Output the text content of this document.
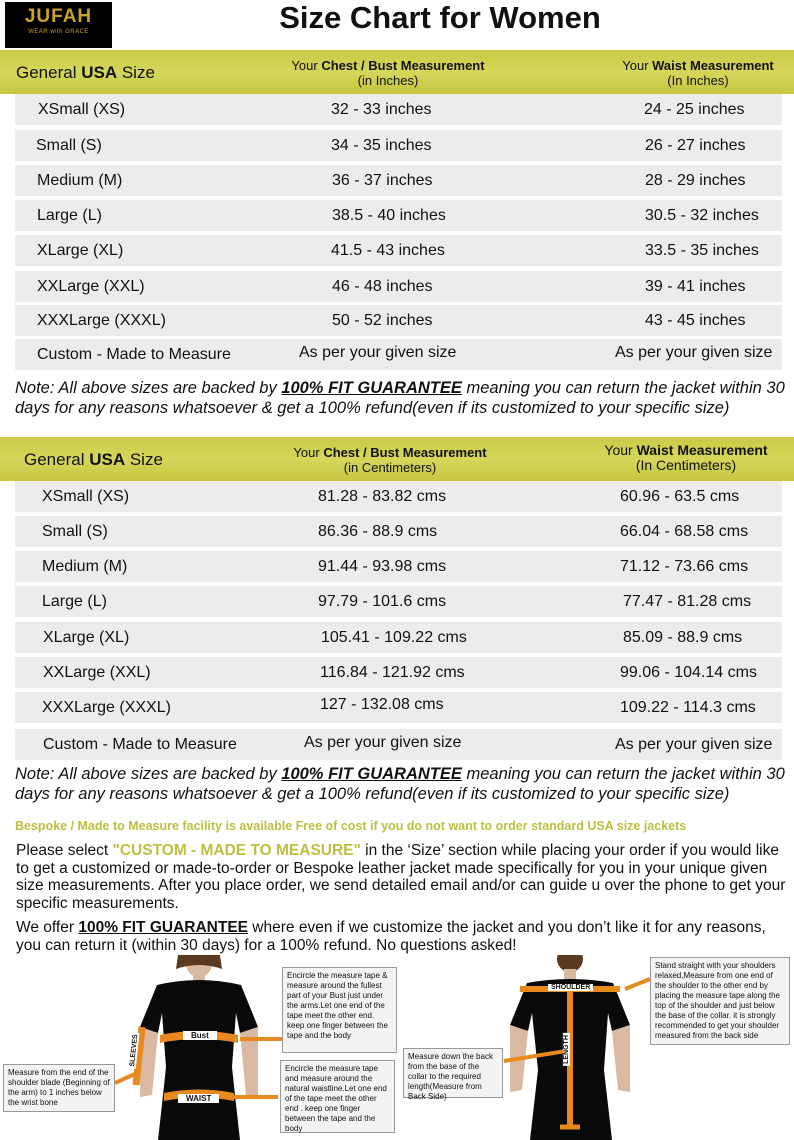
JUFAH
WEAR with GRACE	Size Chart for Women
General USA Size	Your Chest / Bust Measurement
(in Inches)
Your Waist Measurement
(In Inches)
XSmall (XS)	32 - 33 inches	24 - 25 inches
Small (S)	34 - 35 inches	26 - 27 inches
Medium (M)	36 - 37 inches	28 - 29 inches
Large (L)	38.5 - 40 inches	30.5 - 32 inches
XLarge (XL)	41.5 - 43 inches	33.5 - 35 inches
XXLarge (XXL)	46 - 48 inches	39 - 41 inches
XXXLarge (XXXL)	50 - 52 inches	43 - 45 inches
Custom - Made to Measure	As per your given size	As per your given size
Note: All above sizes are backed by 100% FIT GUARANTEE meaning you can return the jacket within 30 days for any reasons whatsoever & get a 100% refund(even if its customized to your specific size)
General USA Size	Your Chest / Bust Measurement
(in Centimeters)
Your Waist Measurement
(In Centimeters)
XSmall (XS)	81.28 - 83.82 cms	60.96 - 63.5 cms
Small (S)	86.36 - 88.9 cms	66.04 - 68.58 cms
Medium (M)	91.44 - 93.98 cms	71.12 - 73.66 cms
Large (L)	97.79 - 101.6 cms	77.47 - 81.28 cms
XLarge (XL)	105.41 - 109.22 cms	85.09 - 88.9 cms
XXLarge (XXL)	116.84 - 121.92 cms	99.06 - 104.14 cms
XXXLarge (XXXL)	127 - 132.08 cms	109.22 - 114.3 cms
Custom - Made to Measure	As per your given size	As per your given size
Note: All above sizes are backed by 100% FIT GUARANTEE meaning you can return the jacket within 30 days for any reasons whatsoever & get a 100% refund(even if its customized to your specific size)
Bespoke / Made to Measure facility is available Free of cost if you do not want to order standard USA size jackets
Please select "CUSTOM - MADE TO MEASURE" in the ‘Size’ section while placing your order if you would like to get a customized or made-to-order or Bespoke leather jacket made specifically for you in your unique given size measurements. After you place order, we send detailed email and/or can guide u over the phone to get your specific measurements.
We offer 100% FIT GUARANTEE where even if we customize the jacket and you don’t like it for any reasons, you can return it (within 30 days) for a 100% refund. No questions asked!
Bust
WAIST
SLEEVES
SHOULDER
LENGTH
Encircle the measure tape & measure around the fullest part of your Bust just under the arms.Let one end of the tape meet the other end. keep one finger between the tape and the body
Encircle the measure tape and measure around the natural waistline.Let one end of the tape meet the other end . keep one finger between the tape and the body
Measure from the end of the shoulder blade (Beginning of the arm) to 1 inches below the wrist bone
Measure down the back from the base of the collar to the required length(Measure from Back Side)
Stand straight with your shoulders relaxed,Measure from one end of the shoulder to the other end by placing the measure tape along the top of the shoulder and just below the base of the collar. it is strongly recommended to get your shoulder measured from the back side
